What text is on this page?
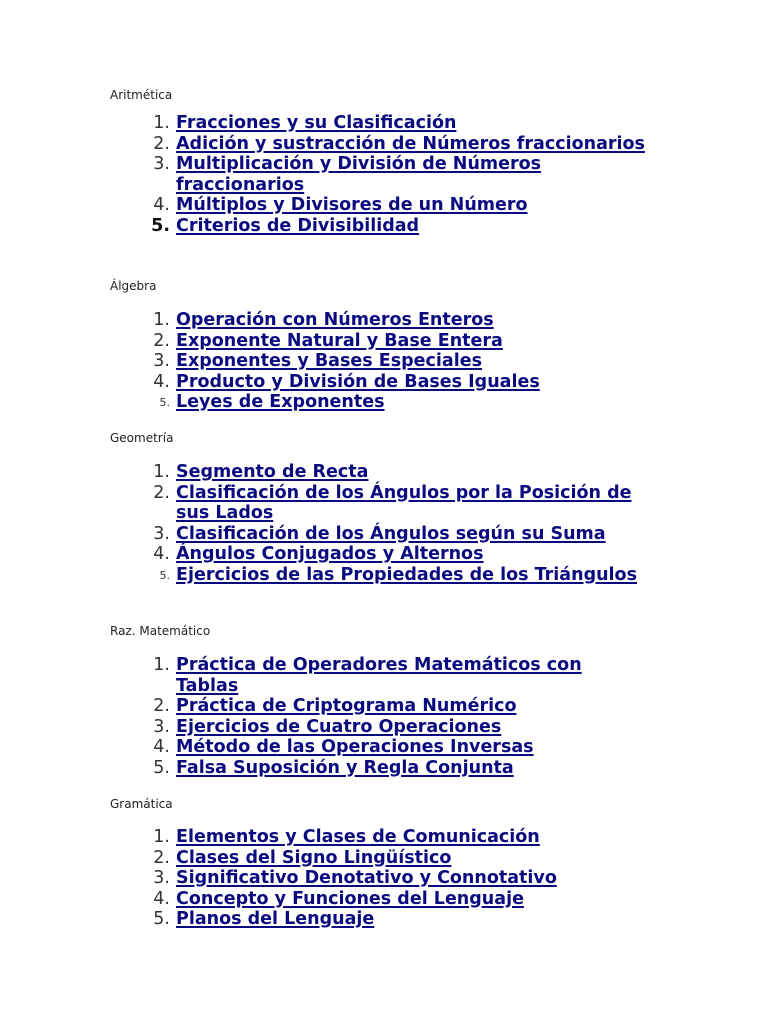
Aritmética
1. Fracciones y su Clasificación
2. Adición y sustracción de Números fraccionarios
3. Multiplicación y División de Números fraccionarios
4. Múltiplos y Divisores de un Número
5. Criterios de Divisibilidad
Álgebra
1. Operación con Números Enteros
2. Exponente Natural y Base Entera
3. Exponentes y Bases Especiales
4. Producto y División de Bases Iguales
5. Leyes de Exponentes
Geometría
1. Segmento de Recta
2. Clasificación de los Ángulos por la Posición de sus Lados
3. Clasificación de los Ángulos según su Suma
4. Ángulos Conjugados y Alternos
5. Ejercicios de las Propiedades de los Triángulos
Raz. Matemático
1. Práctica de Operadores Matemáticos con Tablas
2. Práctica de Criptograma Numérico
3. Ejercicios de Cuatro Operaciones
4. Método de las Operaciones Inversas
5. Falsa Suposición y Regla Conjunta
Gramática
1. Elementos y Clases de Comunicación
2. Clases del Signo Lingüístico
3. Significativo Denotativo y Connotativo
4. Concepto y Funciones del Lenguaje
5. Planos del Lenguaje
